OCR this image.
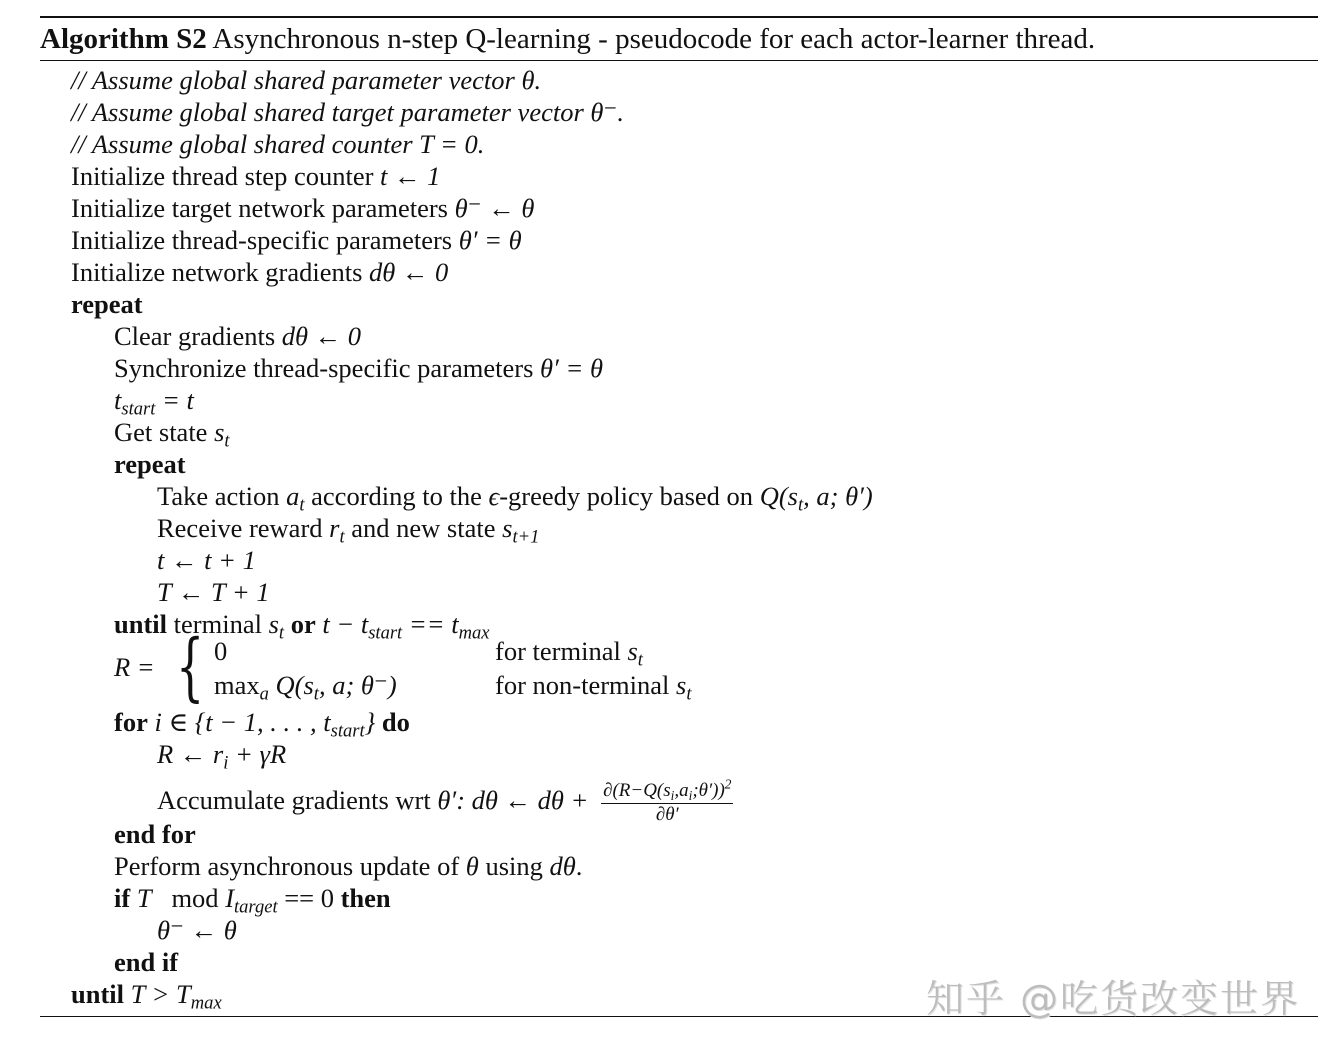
Algorithm S2 Asynchronous n-step Q-learning - pseudocode for each actor-learner thread.
// Assume global shared parameter vector θ.
// Assume global shared target parameter vector θ⁻.
// Assume global shared counter T = 0.
Initialize thread step counter t ← 1
Initialize target network parameters θ⁻ ← θ
Initialize thread-specific parameters θ′ = θ
Initialize network gradients dθ ← 0
repeat
Clear gradients dθ ← 0
Synchronize thread-specific parameters θ′ = θ
$t_{start} = t$
Get state $s_t$
repeat
Take action $a_t$ according to the ϵ-greedy policy based on $Q(s_t$, a; θ′)
Receive reward $r_t$ and new state $s_{t+1}$
t ← t + 1
T ← T + 1
until terminal $s_t$ or $t - t_{start} == t_{max}$
R = { 0	for terminal $s_t$
$\max_a Q(s_t$, a; θ⁻)	for non-terminal $s_t$
for i ∈ {t − 1, . . . , $t_{start}$} do
R ← $r_i + \gamma R$
Accumulate gradients wrt θ′: dθ ← $d\theta + \frac{\partial(R-Q(s_i,a_i;\theta'))^2}{\partial\theta'}$
end for
Perform asynchronous update of θ using dθ.
if T mod $I_{target} == 0$ then
θ⁻ ← θ
end if
until $T > T_{max}$	知乎 @吃货改变世界
